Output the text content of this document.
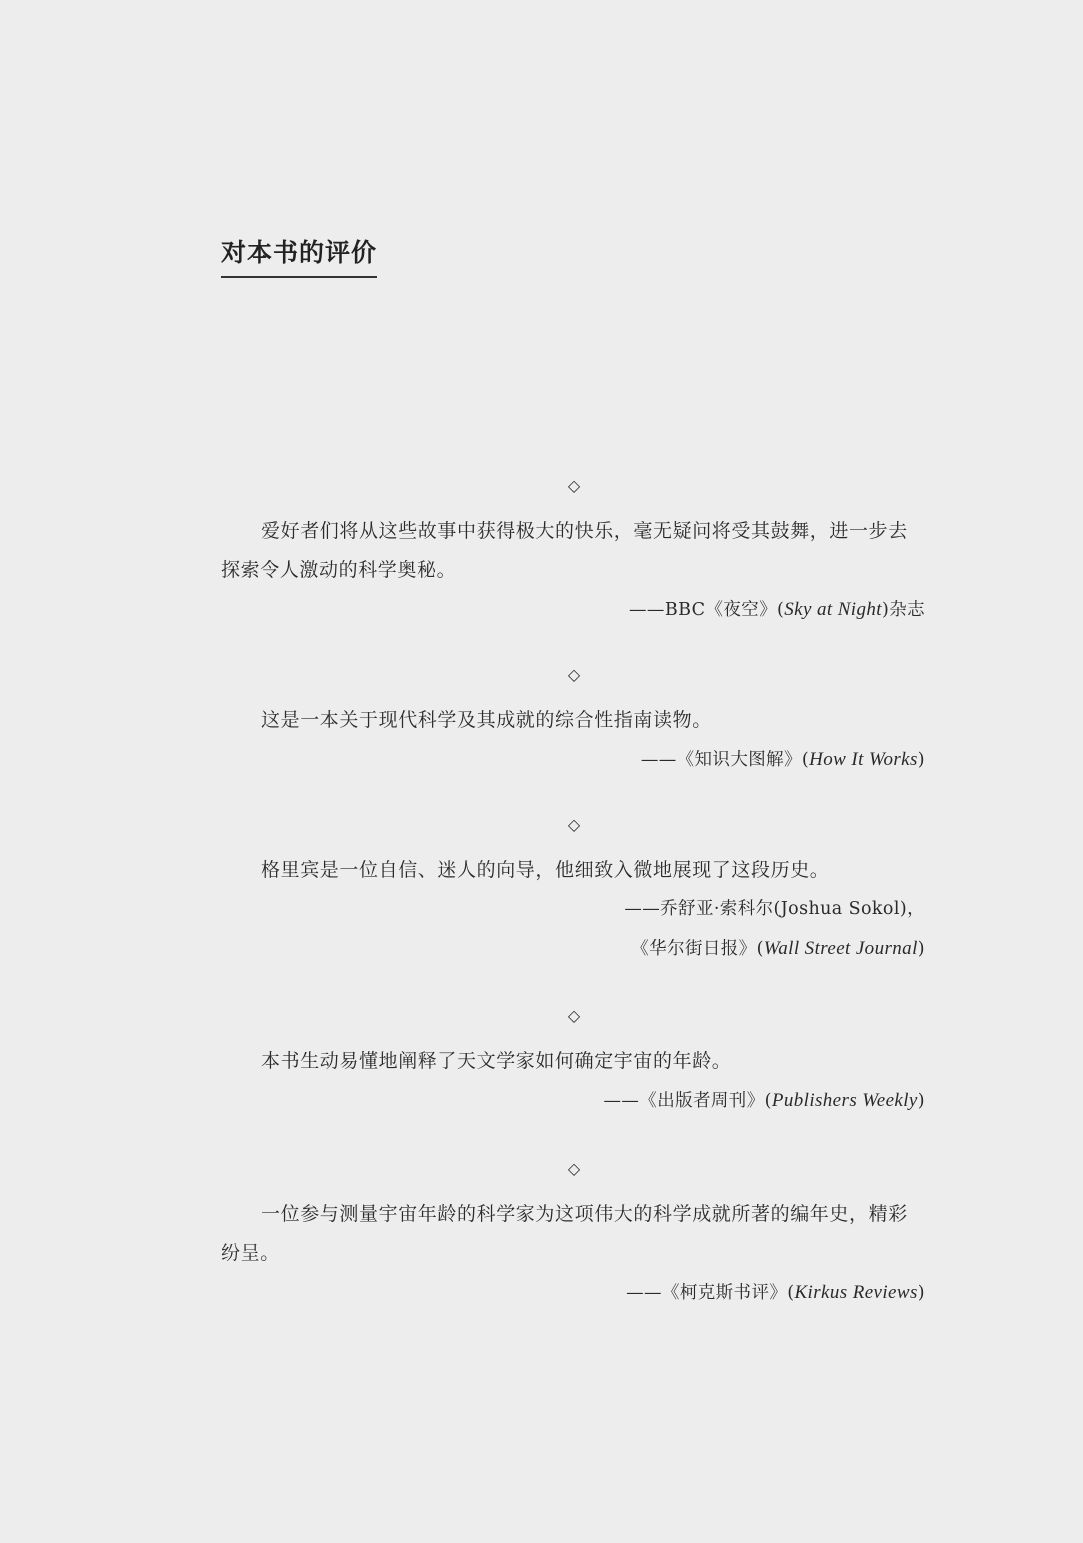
对本书的评价
◇

爱好者们将从这些故事中获得极大的快乐，毫无疑问将受其鼓舞，进一步去探索令人激动的科学奥秘。

——BBC《夜空》(Sky at Night)杂志
◇

这是一本关于现代科学及其成就的综合性指南读物。

——《知识大图解》(How It Works)
◇

格里宾是一位自信、迷人的向导，他细致入微地展现了这段历史。

——乔舒亚·索科尔(Joshua Sokol)，
《华尔街日报》(Wall Street Journal)
◇

本书生动易懂地阐释了天文学家如何确定宇宙的年龄。

——《出版者周刊》(Publishers Weekly)
◇

一位参与测量宇宙年龄的科学家为这项伟大的科学成就所著的编年史，精彩纷呈。

——《柯克斯书评》(Kirkus Reviews)
